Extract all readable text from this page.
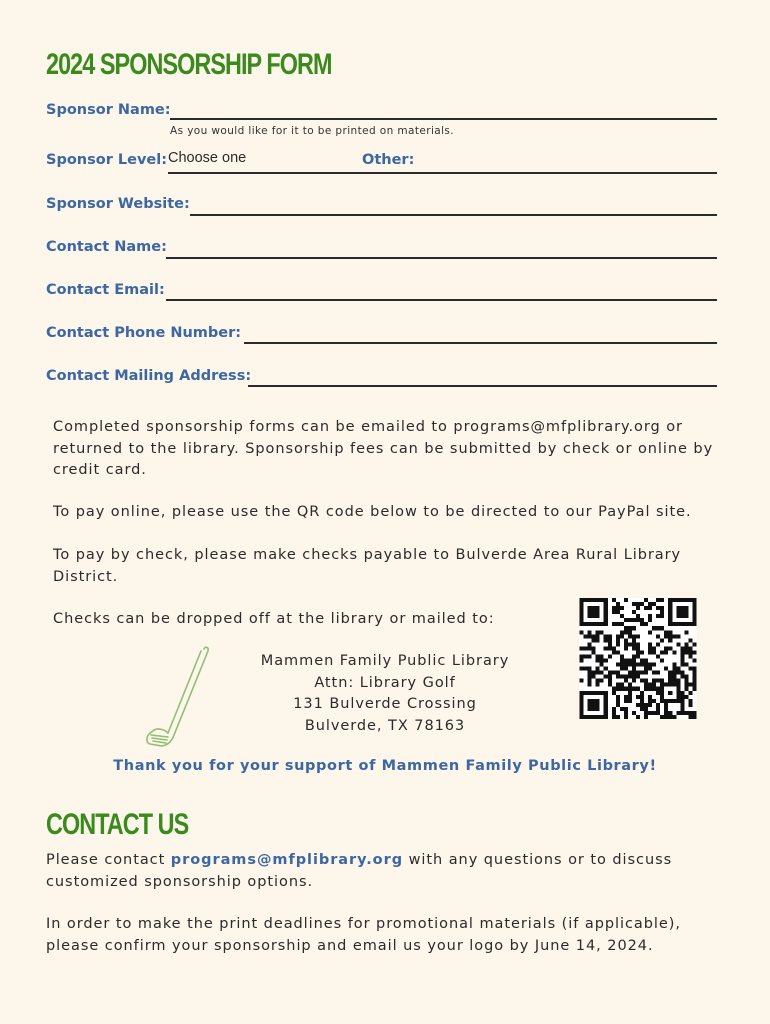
2024 SPONSORSHIP FORM
Sponsor Name:
As you would like for it to be printed on materials.
Sponsor Level: Choose one	Other:
Sponsor Website:
Contact Name:
Contact Email:
Contact Phone Number:
Contact Mailing Address:

Completed sponsorship forms can be emailed to programs@mfplibrary.org or returned to the library. Sponsorship fees can be submitted by check or online by credit card.

To pay online, please use the QR code below to be directed to our PayPal site.

To pay by check, please make checks payable to Bulverde Area Rural Library District.

Checks can be dropped off at the library or mailed to:

Mammen Family Public Library
Attn: Library Golf
131 Bulverde Crossing
Bulverde, TX 78163
Thank you for your support of Mammen Family Public Library!
CONTACT US

Please contact programs@mfplibrary.org with any questions or to discuss customized sponsorship options.

In order to make the print deadlines for promotional materials (if applicable), please confirm your sponsorship and email us your logo by June 14, 2024.
